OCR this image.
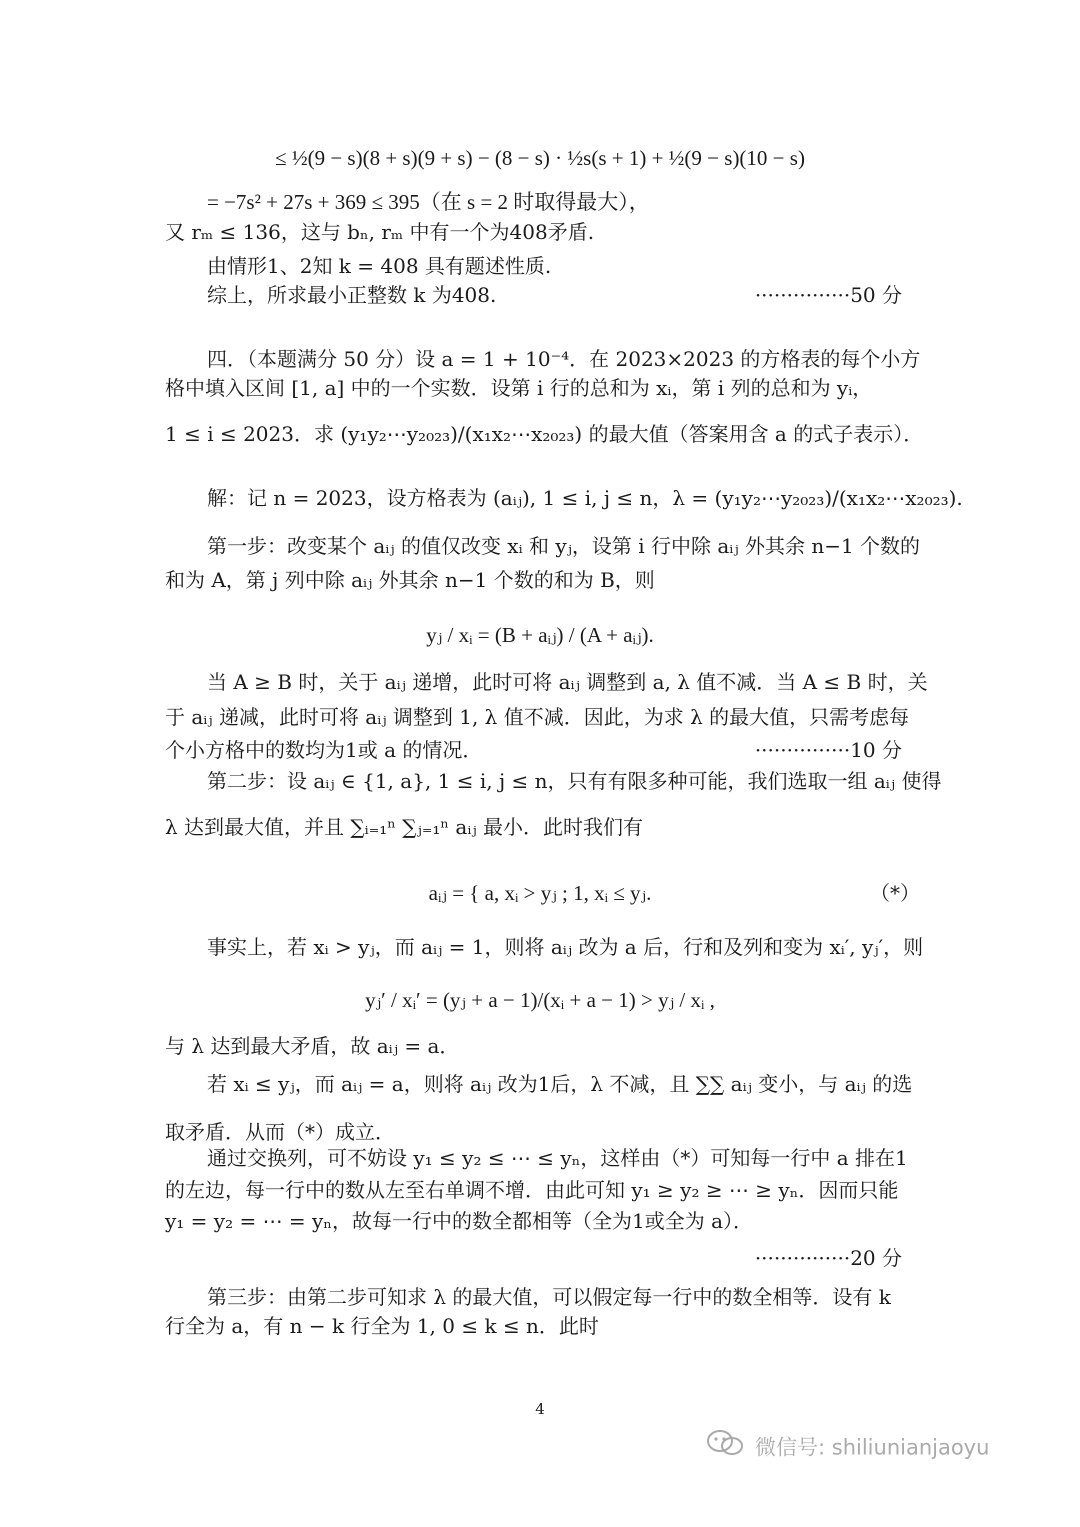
≤ ½(9 − s)(8 + s)(9 + s) − (8 − s) · ½s(s + 1) + ½(9 − s)(10 − s)
= −7s² + 27s + 369 ≤ 395（在 s = 2 时取得最大），
又 rₘ ≤ 136，这与 bₙ, rₘ 中有一个为408矛盾.
由情形1、2知 k = 408 具有题述性质.
综上，所求最小正整数 k 为408.
四．（本题满分 50 分）设 a = 1 + 10⁻⁴．在 2023×2023 的方格表的每个小方
格中填入区间 [1, a] 中的一个实数．设第 i 行的总和为 xᵢ，第 i 列的总和为 yᵢ，
1 ≤ i ≤ 2023．求 (y₁y₂⋯y₂₀₂₃)/(x₁x₂⋯x₂₀₂₃) 的最大值（答案用含 a 的式子表示）．
解：记 n = 2023，设方格表为 (aᵢⱼ), 1 ≤ i, j ≤ n，λ = (y₁y₂⋯y₂₀₂₃)/(x₁x₂⋯x₂₀₂₃).
第一步：改变某个 aᵢⱼ 的值仅改变 xᵢ 和 yⱼ，设第 i 行中除 aᵢⱼ 外其余 n−1 个数的
和为 A，第 j 列中除 aᵢⱼ 外其余 n−1 个数的和为 B，则
yⱼ / xᵢ = (B + aᵢⱼ) / (A + aᵢⱼ).
当 A ≥ B 时，关于 aᵢⱼ 递增，此时可将 aᵢⱼ 调整到 a, λ 值不减．当 A ≤ B 时，关
于 aᵢⱼ 递减，此时可将 aᵢⱼ 调整到 1, λ 值不减．因此，为求 λ 的最大值，只需考虑每
个小方格中的数均为1或 a 的情况．
第二步：设 aᵢⱼ ∈ {1, a}, 1 ≤ i, j ≤ n，只有有限多种可能，我们选取一组 aᵢⱼ 使得
λ 达到最大值，并且 ∑ᵢ₌₁ⁿ ∑ⱼ₌₁ⁿ aᵢⱼ 最小．此时我们有
aᵢⱼ = { a, xᵢ > yⱼ ; 1, xᵢ ≤ yⱼ.
事实上，若 xᵢ > yⱼ，而 aᵢⱼ = 1，则将 aᵢⱼ 改为 a 后，行和及列和变为 xᵢ′, yⱼ′，则
yⱼ′ / xᵢ′ = (yⱼ + a − 1)/(xᵢ + a − 1) > yⱼ / xᵢ ,
与 λ 达到最大矛盾，故 aᵢⱼ = a．
若 xᵢ ≤ yⱼ，而 aᵢⱼ = a，则将 aᵢⱼ 改为1后，λ 不减，且 ∑∑ aᵢⱼ 变小，与 aᵢⱼ 的选
取矛盾．从而（*）成立．
通过交换列，可不妨设 y₁ ≤ y₂ ≤ ⋯ ≤ yₙ，这样由（*）可知每一行中 a 排在1
的左边，每一行中的数从左至右单调不增．由此可知 y₁ ≥ y₂ ≥ ⋯ ≥ yₙ．因而只能
y₁ = y₂ = ⋯ = yₙ，故每一行中的数全都相等（全为1或全为 a）．
第三步：由第二步可知求 λ 的最大值，可以假定每一行中的数全相等．设有 k
行全为 a，有 n − k 行全为 1, 0 ≤ k ≤ n．此时
···············50 分
···············10 分
···············20 分
（*）
4
微信号: shiliunianjaoyu
